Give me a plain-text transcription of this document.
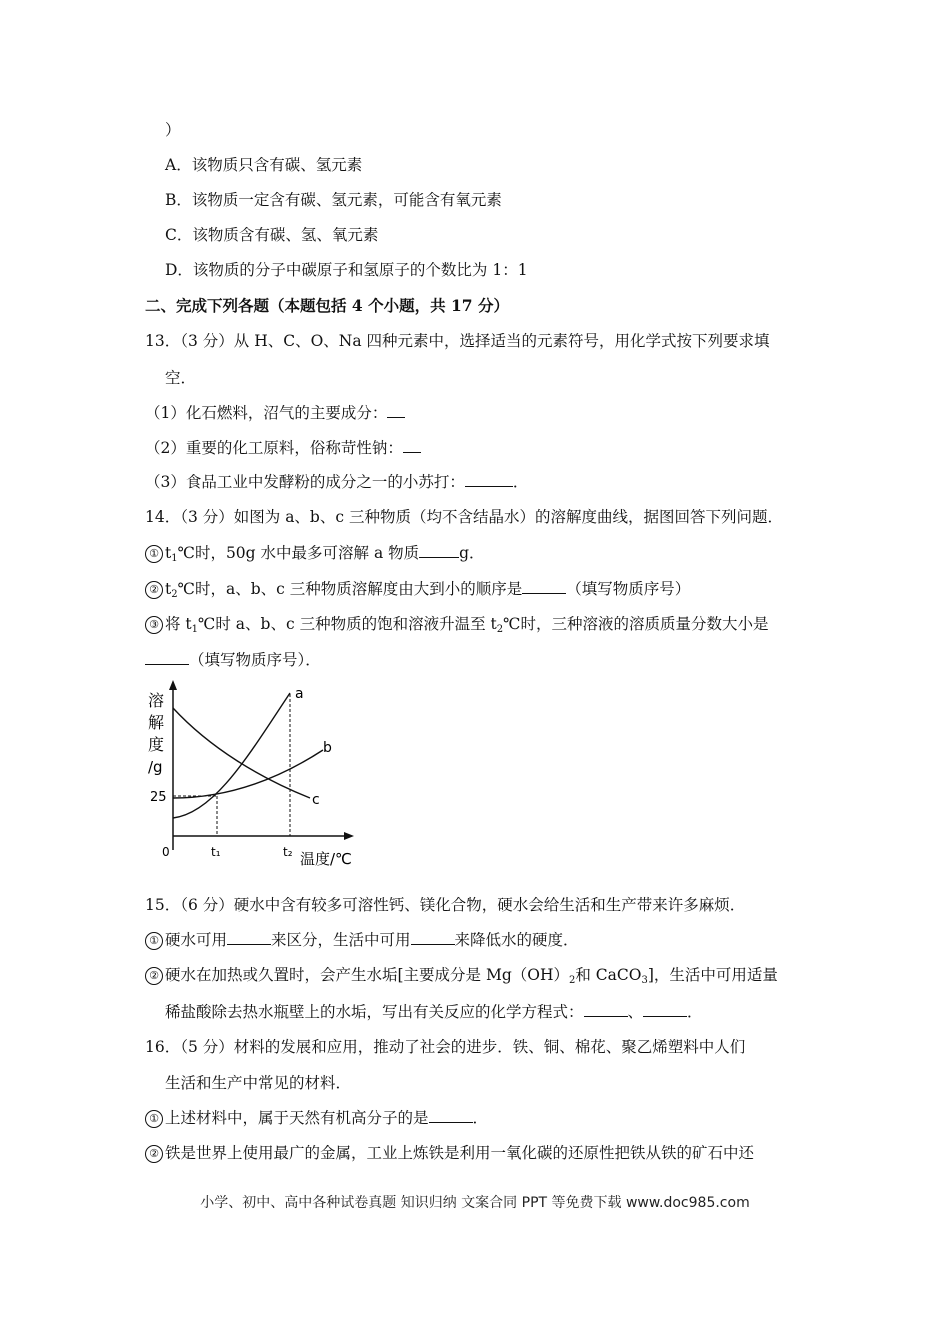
）
A．该物质只含有碳、氢元素
B．该物质一定含有碳、氢元素，可能含有氧元素
C．该物质含有碳、氢、氧元素
D．该物质的分子中碳原子和氢原子的个数比为 1：1
二、完成下列各题（本题包括 4 个小题，共 17 分）
13．（3 分）从 H、C、O、Na 四种元素中，选择适当的元素符号，用化学式按下列要求填
空．
（1）化石燃料，沼气的主要成分：
（2）重要的化工原料，俗称苛性钠：
（3）食品工业中发酵粉的成分之一的小苏打：	．
14．（3 分）如图为 a、b、c 三种物质（均不含结晶水）的溶解度曲线，据图回答下列问题．
① $t_1℃$时，50g 水中最多可溶解 a 物质	g．
② $t_2℃$时，a、b、c 三种物质溶解度由大到小的顺序是	（填写物质序号）
③ 将 $t_1℃$时 a、b、c 三种物质的饱和溶液升温至 $t_2℃$时，三种溶液的溶质质量分数大小是
（填写物质序号）．
溶
解
度
/g
25
0	t₁	t₂ 温度/℃
a
b
c
15．（6 分）硬水中含有较多可溶性钙、镁化合物，硬水会给生活和生产带来许多麻烦．
① 硬水可用	来区分，生活中可用	来降低水的硬度．
② 硬水在加热或久置时，会产生水垢[主要成分是 $Mg(OH)_2$和 CaCO$_3$]，生活中可用适量
稀盐酸除去热水瓶壁上的水垢，写出有关反应的化学方程式：	、	．
16．（5 分）材料的发展和应用，推动了社会的进步．铁、铜、棉花、聚乙烯塑料中人们
生活和生产中常见的材料．
① 上述材料中，属于天然有机高分子的是	．
② 铁是世界上使用最广的金属，工业上炼铁是利用一氧化碳的还原性把铁从铁的矿石中还
小学、初中、高中各种试卷真题 知识归纳 文案合同 PPT 等免费下载 www.doc985.com
